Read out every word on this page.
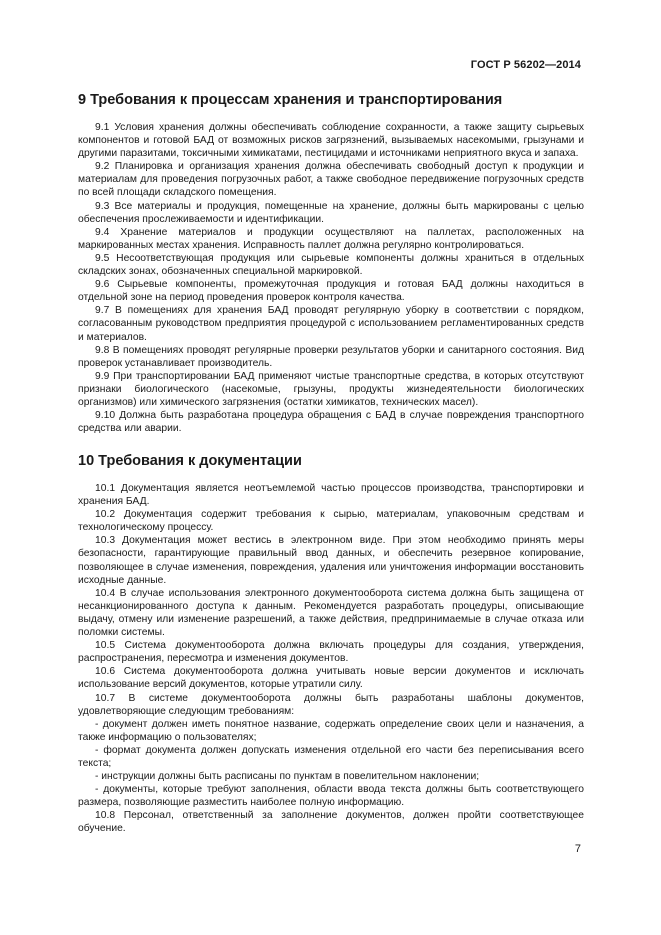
ГОСТ Р 56202—2014
9 Требования к процессам хранения и транспортирования

9.1 Условия хранения должны обеспечивать соблюдение сохранности, а также защиту сырьевых компонентов и готовой БАД от возможных рисков загрязнений, вызываемых насекомыми, грызунами и другими паразитами, токсичными химикатами, пестицидами и источниками неприятного вкуса и запаха.

9.2 Планировка и организация хранения должна обеспечивать свободный доступ к продукции и материалам для проведения погрузочных работ, а также свободное передвижение погрузочных средств по всей площади складского помещения.

9.3 Все материалы и продукция, помещенные на хранение, должны быть маркированы с целью обеспечения прослеживаемости и идентификации.

9.4 Хранение материалов и продукции осуществляют на паллетах, расположенных на маркированных местах хранения. Исправность паллет должна регулярно контролироваться.

9.5 Несоответствующая продукция или сырьевые компоненты должны храниться в отдельных складских зонах, обозначенных специальной маркировкой.

9.6 Сырьевые компоненты, промежуточная продукция и готовая БАД должны находиться в отдельной зоне на период проведения проверок контроля качества.

9.7 В помещениях для хранения БАД проводят регулярную уборку в соответствии с порядком, согласованным руководством предприятия процедурой с использованием регламентированных средств и материалов.

9.8 В помещениях проводят регулярные проверки результатов уборки и санитарного состояния. Вид проверок устанавливает производитель.

9.9 При транспортировании БАД применяют чистые транспортные средства, в которых отсутствуют признаки биологического (насекомые, грызуны, продукты жизнедеятельности биологических организмов) или химического загрязнения (остатки химикатов, технических масел).

9.10 Должна быть разработана процедура обращения с БАД в случае повреждения транспортного средства или аварии.

10 Требования к документации

10.1 Документация является неотъемлемой частью процессов производства, транспортировки и хранения БАД.

10.2 Документация содержит требования к сырью, материалам, упаковочным средствам и технологическому процессу.

10.3 Документация может вестись в электронном виде. При этом необходимо принять меры безопасности, гарантирующие правильный ввод данных, и обеспечить резервное копирование, позволяющее в случае изменения, повреждения, удаления или уничтожения информации восстановить исходные данные.

10.4 В случае использования электронного документооборота система должна быть защищена от несанкционированного доступа к данным. Рекомендуется разработать процедуры, описывающие выдачу, отмену или изменение разрешений, а также действия, предпринимаемые в случае отказа или поломки системы.

10.5 Система документооборота должна включать процедуры для создания, утверждения, распространения, пересмотра и изменения документов.

10.6 Система документооборота должна учитывать новые версии документов и исключать использование версий документов, которые утратили силу.

10.7 В системе документооборота должны быть разработаны шаблоны документов, удовлетворяющие следующим требованиям:

- документ должен иметь понятное название, содержать определение своих цели и назначения, а также информацию о пользователях;

- формат документа должен допускать изменения отдельной его части без переписывания всего текста;

- инструкции должны быть расписаны по пунктам в повелительном наклонении;

- документы, которые требуют заполнения, области ввода текста должны быть соответствующего размера, позволяющие разместить наиболее полную информацию.

10.8 Персонал, ответственный за заполнение документов, должен пройти соответствующее обучение.

7
